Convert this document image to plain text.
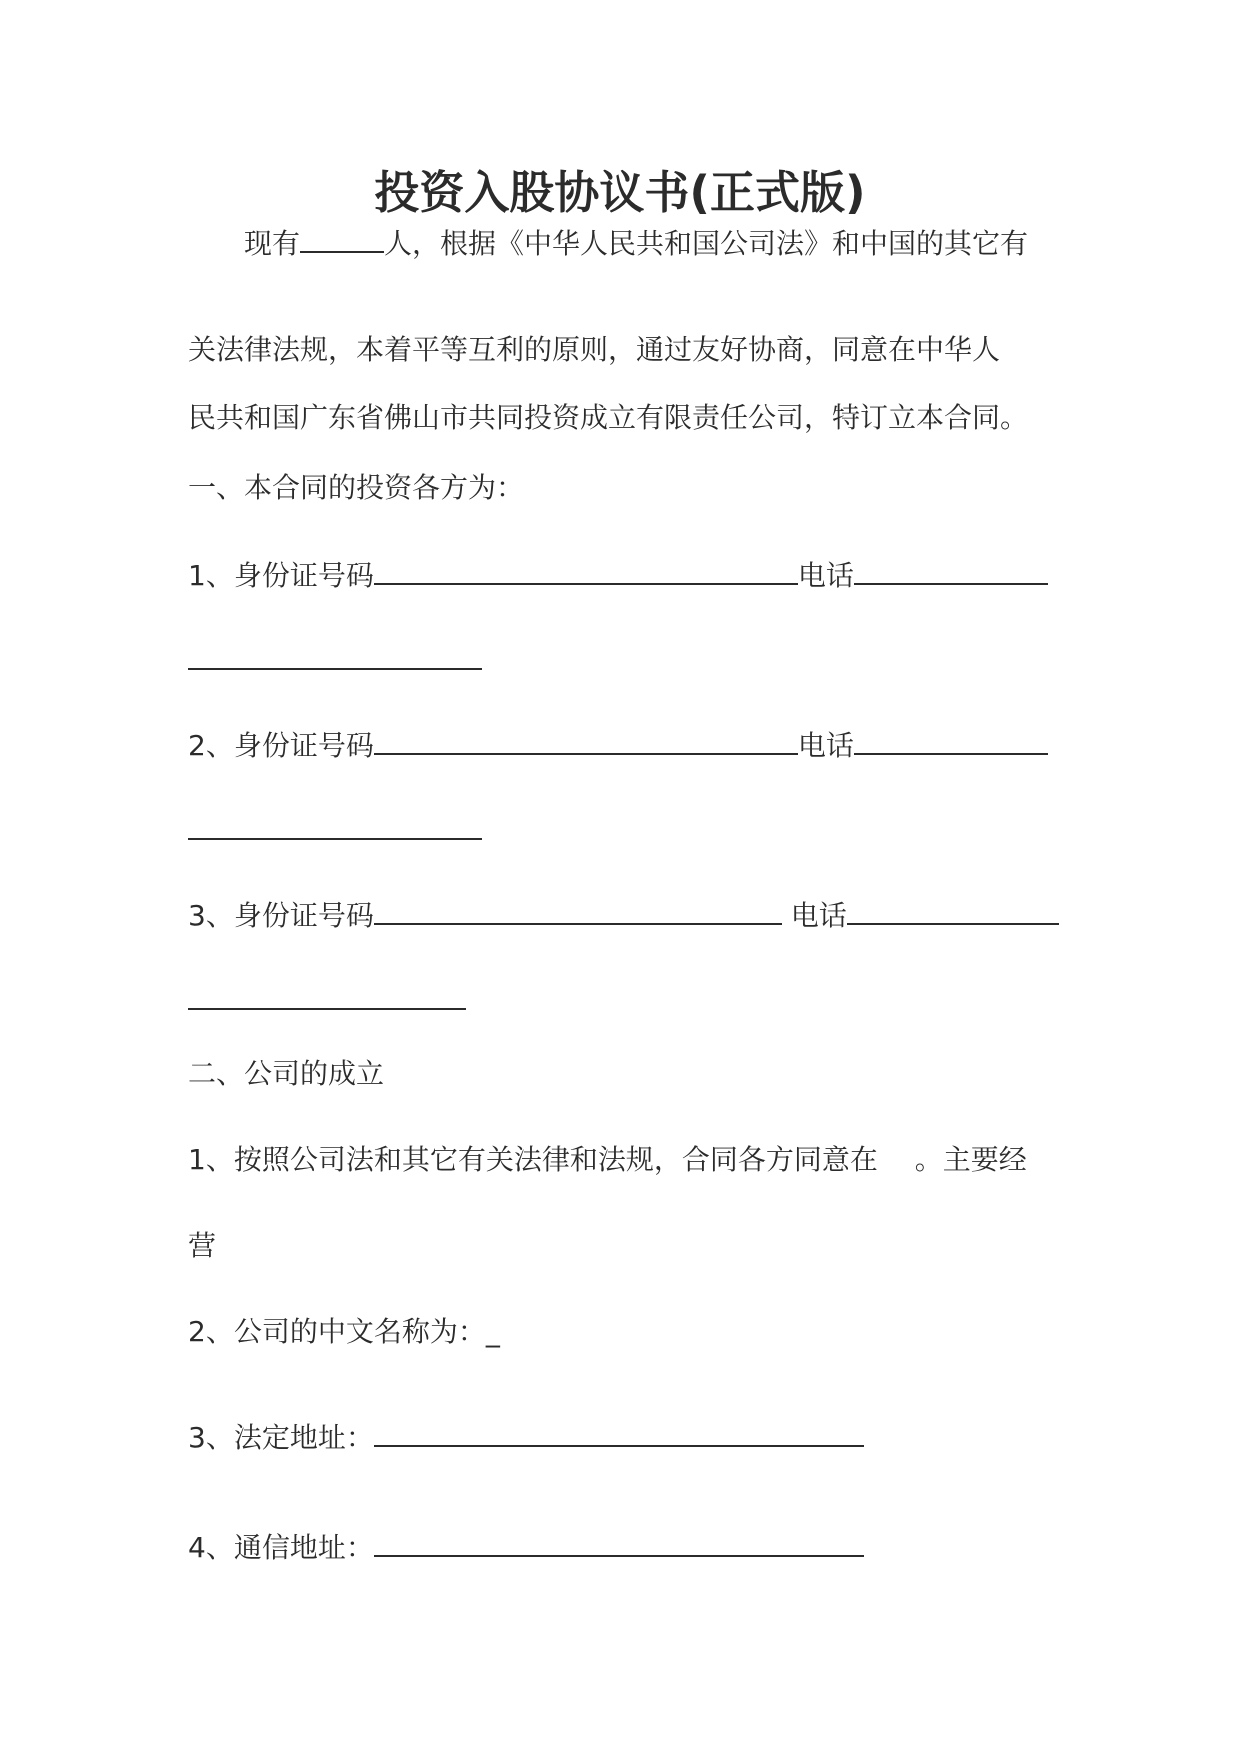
投资入股协议书(正式版)
现有	人，根据《中华人民共和国公司法》和中国的其它有
关法律法规，本着平等互利的原则，通过友好协商，同意在中华人
民共和国广东省佛山市共同投资成立有限责任公司，特订立本合同。
一、本合同的投资各方为：
1、身份证号码	电话
2、身份证号码	电话
3、身份证号码	电话
二、公司的成立
1、按照公司法和其它有关法律和法规，合同各方同意在　 。主要经
营
2、公司的中文名称为：_
3、法定地址：
4、通信地址：
